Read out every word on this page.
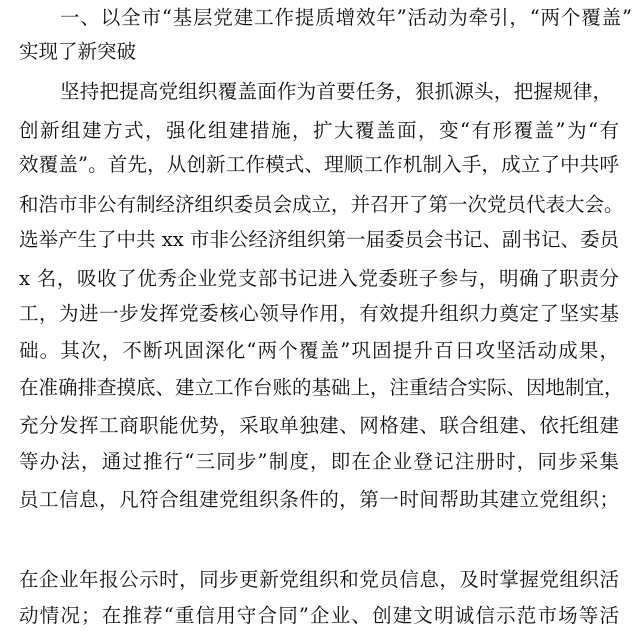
一、以全市“基层党建工作提质增效年”活动为牵引，“两个覆盖”
实现了新突破
坚持把提高党组织覆盖面作为首要任务，狠抓源头，把握规律，
创新组建方式，强化组建措施，扩大覆盖面，变“有形覆盖”为“有
效覆盖”。首先，从创新工作模式、理顺工作机制入手，成立了中共呼
和浩市非公有制经济组织委员会成立，并召开了第一次党员代表大会。
选举产生了中共 xx 市非公经济组织第一届委员会书记、副书记、委员
x 名，吸收了优秀企业党支部书记进入党委班子参与，明确了职责分
工，为进一步发挥党委核心领导作用，有效提升组织力奠定了坚实基
础。其次，不断巩固深化“两个覆盖”巩固提升百日攻坚活动成果，
在准确排查摸底、建立工作台账的基础上，注重结合实际、因地制宜，
充分发挥工商职能优势，采取单独建、网格建、联合组建、依托组建
等办法，通过推行“三同步”制度，即在企业登记注册时，同步采集
员工信息，凡符合组建党组织条件的，第一时间帮助其建立党组织；
在企业年报公示时，同步更新党组织和党员信息，及时掌握党组织活
动情况；在推荐“重信用守合同”企业、创建文明诚信示范市场等活
